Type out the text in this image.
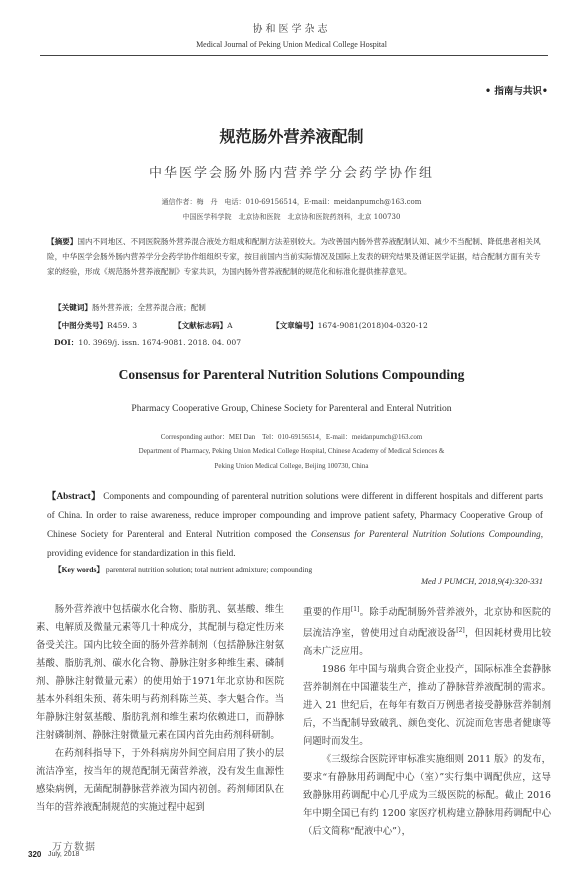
协和医学杂志
Medical Journal of Peking Union Medical College Hospital
• 指南与共识•
规范肠外营养液配制
中华医学会肠外肠内营养学分会药学协作组
通信作者：梅　丹　电话：010-69156514，E-mail：meidanpumch@163.com
中国医学科学院　北京协和医院　北京协和医院药剂科，北京 100730
【摘要】国内不同地区、不同医院肠外营养混合液处方组成和配制方法差别较大。为改善国内肠外营养液配制认知、减少不当配制、降低患者相关风险，中华医学会肠外肠内营养学分会药学协作组组织专家，按目前国内当前实际情况及国际上发表的研究结果及循证医学证据，结合配制方面有关专家的经验，形成《规范肠外营养液配制》专家共识，为国内肠外营养液配制的规范化和标准化提供推荐意见。
【关键词】肠外营养液；全营养混合液；配制
【中图分类号】R459. 3	【文献标志码】A	【文章编号】1674-9081(2018)04-0320-12
DOI：10. 3969/j. issn. 1674-9081. 2018. 04. 007
Consensus for Parenteral Nutrition Solutions Compounding
Pharmacy Cooperative Group, Chinese Society for Parenteral and Enteral Nutrition
Corresponding author：MEI Dan　Tel：010-69156514，E-mail：meidanpumch@163.com
Department of Pharmacy, Peking Union Medical College Hospital, Chinese Academy of Medical Sciences &
Peking Union Medical College, Beijing 100730, China
【Abstract】 Components and compounding of parenteral nutrition solutions were different in different hospitals and different parts of China. In order to raise awareness, reduce improper compounding and improve patient safety, Pharmacy Cooperative Group of Chinese Society for Parenteral and Enteral Nutrition composed the Consensus for Parenteral Nutrition Solutions Compounding, providing evidence for standardization in this field.
【Key words】 parenteral nutrition solution; total nutrient admixture; compounding
Med J PUMCH, 2018,9(4):320-331

肠外营养液中包括碳水化合物、脂肪乳、氨基酸、维生素、电解质及微量元素等几十种成分，其配制与稳定性历来备受关注。国内比较全面的肠外营养制剂（包括静脉注射氨基酸、脂肪乳剂、碳水化合物、静脉注射多种维生素、磷制剂、静脉注射微量元素）的使用始于1971年北京协和医院基本外科组朱预、蒋朱明与药剂科陈兰英、李大魁合作。当年静脉注射氨基酸、脂肪乳剂和维生素均依赖进口，而静脉注射磷制剂、静脉注射微量元素在国内首先由药剂科研制。

在药剂科指导下，于外科病房外间空间启用了狭小的层流洁净室，按当年的规范配制无菌营养液，没有发生血源性感染病例，无菌配制静脉营养液为国内初创。药剂师团队在当年的营养液配制规范的实施过程中起到

重要的作用[1]。除手动配制肠外营养液外，北京协和医院的层流洁净室，曾使用过自动配液设备[2]，但因耗材费用比较高未广泛应用。

1986 年中国与瑞典合资企业投产，国际标准全套静脉营养制剂在中国灌装生产，推动了静脉营养液配制的需求。进入 21 世纪后，在每年有数百万例患者接受静脉营养制剂后，不当配制导致破乳、颜色变化、沉淀而危害患者健康等问题时而发生。

《三级综合医院评审标准实施细则 2011 版》的发布，要求“有静脉用药调配中心（室）”实行集中调配供应，这导致静脉用药调配中心几乎成为三级医院的标配。截止 2016 年中期全国已有约 1200 家医疗机构建立静脉用药调配中心（后文简称“配液中心”），

万方数据
320 July, 2018
